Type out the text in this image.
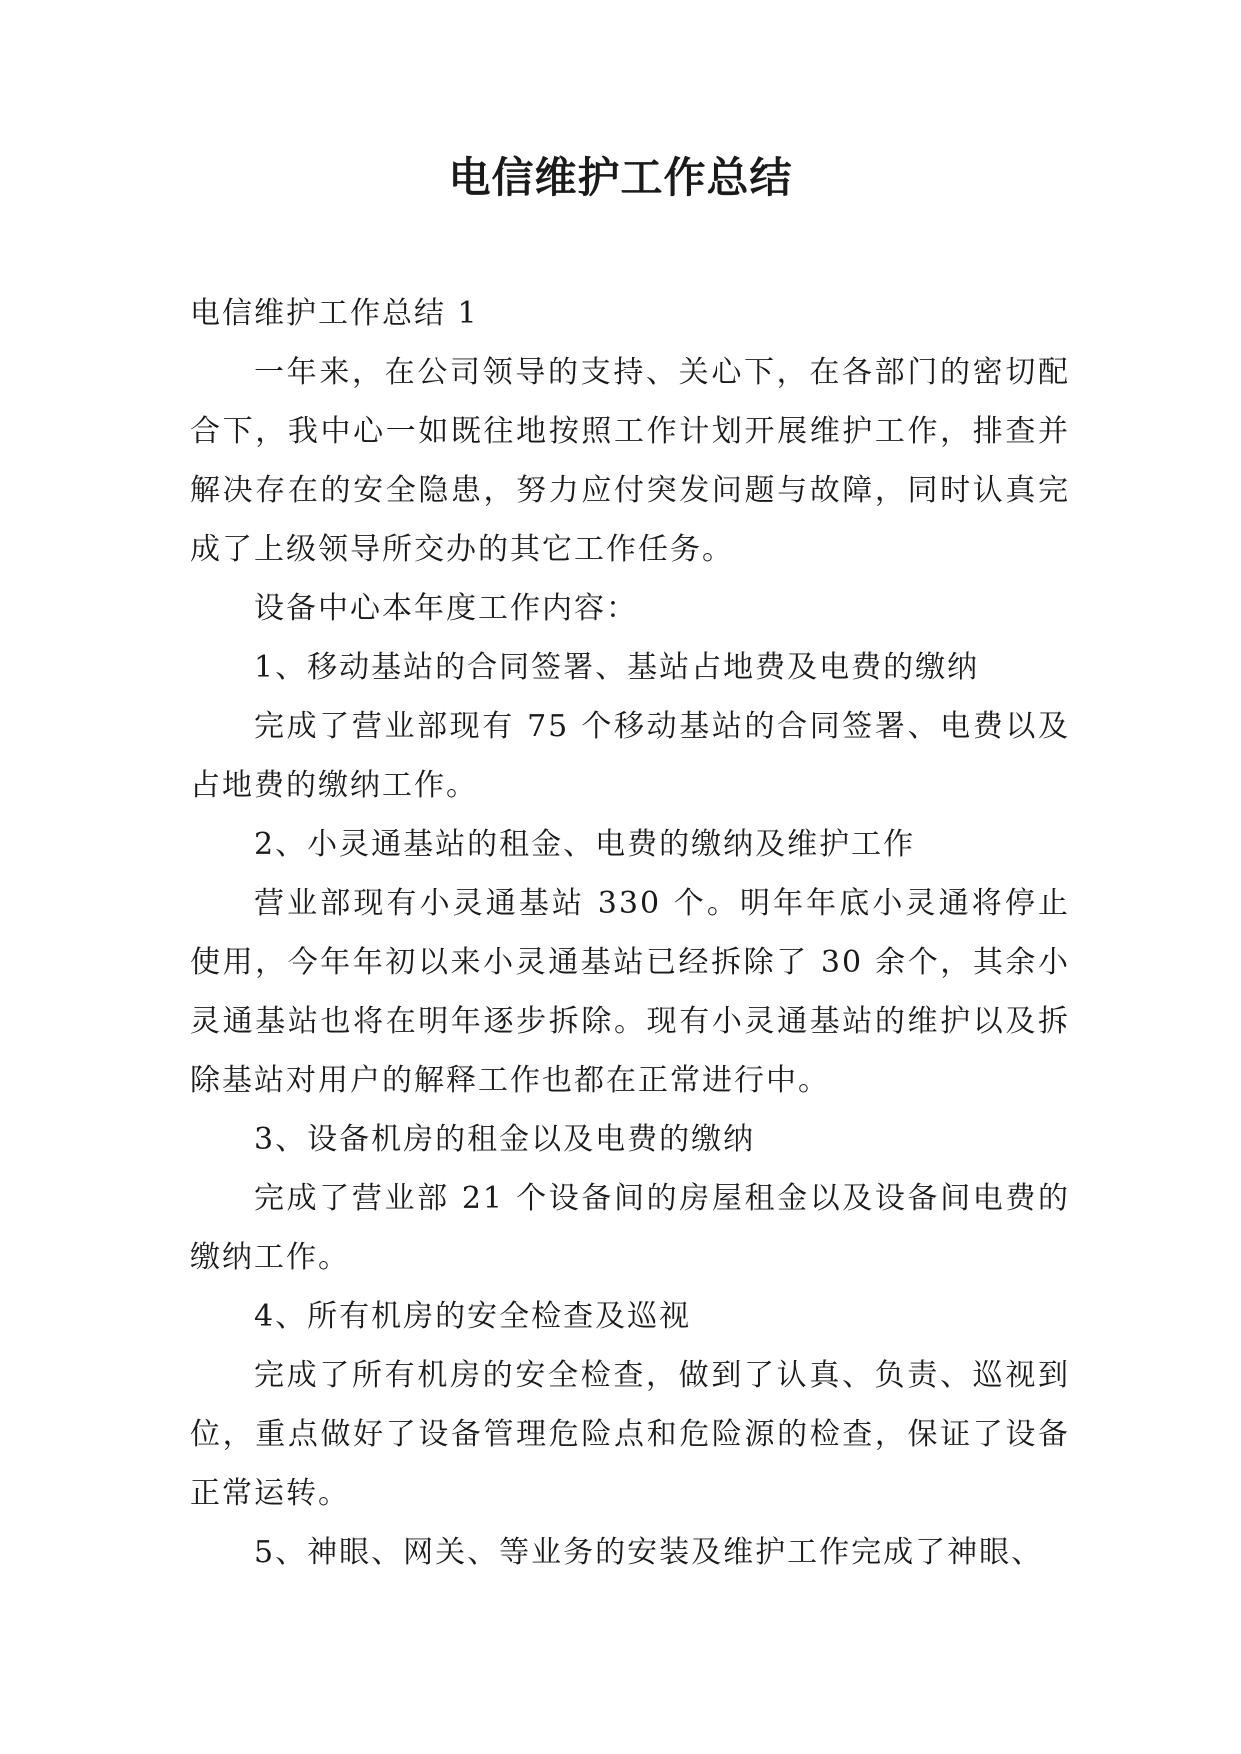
电信维护工作总结

电信维护工作总结 1

一年来，在公司领导的支持、关心下，在各部门的密切配合下，我中心一如既往地按照工作计划开展维护工作，排查并解决存在的安全隐患，努力应付突发问题与故障，同时认真完成了上级领导所交办的其它工作任务。

设备中心本年度工作内容：

1、移动基站的合同签署、基站占地费及电费的缴纳

完成了营业部现有 75 个移动基站的合同签署、电费以及占地费的缴纳工作。

2、小灵通基站的租金、电费的缴纳及维护工作

营业部现有小灵通基站 330 个。明年年底小灵通将停止使用，今年年初以来小灵通基站已经拆除了 30 余个，其余小灵通基站也将在明年逐步拆除。现有小灵通基站的维护以及拆除基站对用户的解释工作也都在正常进行中。

3、设备机房的租金以及电费的缴纳

完成了营业部 21 个设备间的房屋租金以及设备间电费的缴纳工作。

4、所有机房的安全检查及巡视

完成了所有机房的安全检查，做到了认真、负责、巡视到位，重点做好了设备管理危险点和危险源的检查，保证了设备正常运转。

5、神眼、网关、等业务的安装及维护工作完成了神眼、
